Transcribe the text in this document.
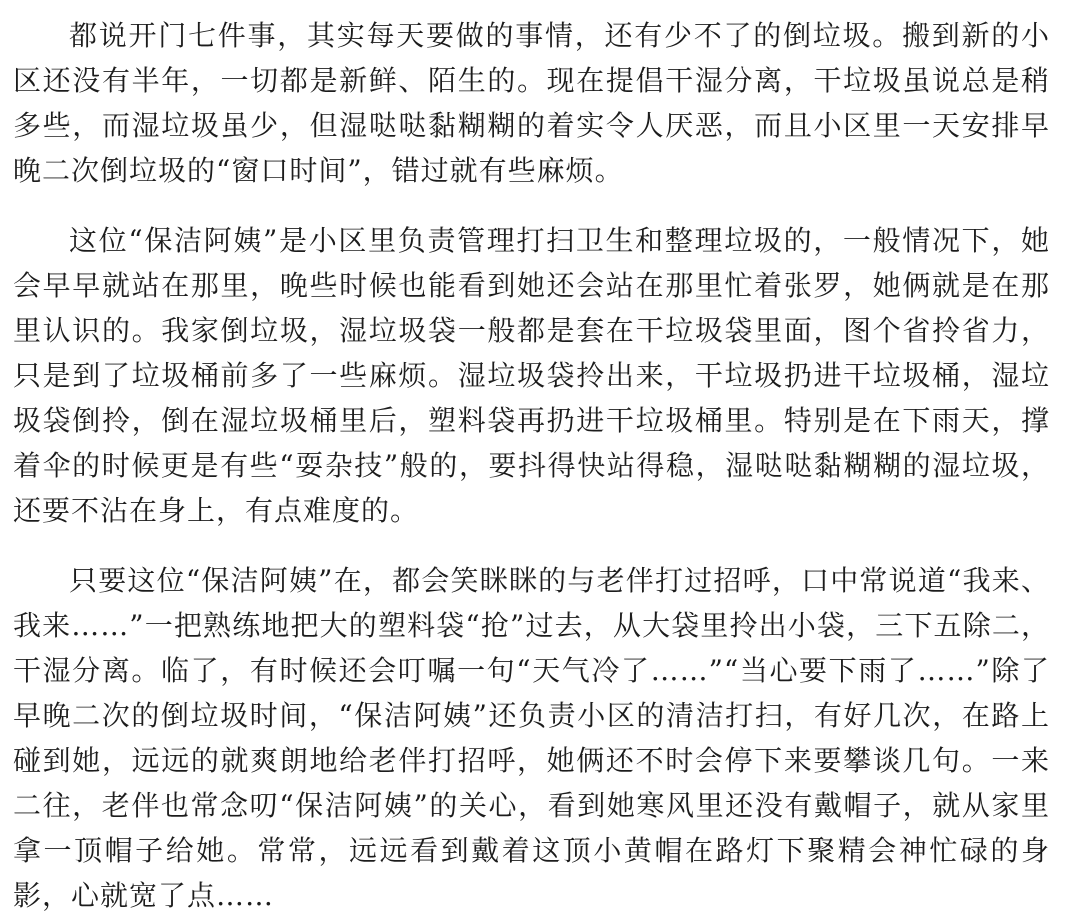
都说开门七件事，其实每天要做的事情，还有少不了的倒垃圾。搬到新的小区还没有半年，一切都是新鲜、陌生的。现在提倡干湿分离，干垃圾虽说总是稍多些，而湿垃圾虽少，但湿哒哒黏糊糊的着实令人厌恶，而且小区里一天安排早晚二次倒垃圾的“窗口时间”，错过就有些麻烦。

这位“保洁阿姨”是小区里负责管理打扫卫生和整理垃圾的，一般情况下，她会早早就站在那里，晚些时候也能看到她还会站在那里忙着张罗，她俩就是在那里认识的。我家倒垃圾，湿垃圾袋一般都是套在干垃圾袋里面，图个省拎省力，只是到了垃圾桶前多了一些麻烦。湿垃圾袋拎出来，干垃圾扔进干垃圾桶，湿垃圾袋倒拎，倒在湿垃圾桶里后，塑料袋再扔进干垃圾桶里。特别是在下雨天，撑着伞的时候更是有些“耍杂技”般的，要抖得快站得稳，湿哒哒黏糊糊的湿垃圾，还要不沾在身上，有点难度的。

只要这位“保洁阿姨”在，都会笑眯眯的与老伴打过招呼，口中常说道“我来、我来……”一把熟练地把大的塑料袋“抢”过去，从大袋里拎出小袋，三下五除二，干湿分离。临了，有时候还会叮嘱一句“天气冷了……”“当心要下雨了……”除了早晚二次的倒垃圾时间，“保洁阿姨”还负责小区的清洁打扫，有好几次，在路上碰到她，远远的就爽朗地给老伴打招呼，她俩还不时会停下来要攀谈几句。一来二往，老伴也常念叨“保洁阿姨”的关心，看到她寒风里还没有戴帽子，就从家里拿一顶帽子给她。常常，远远看到戴着这顶小黄帽在路灯下聚精会神忙碌的身影，心就宽了点……
